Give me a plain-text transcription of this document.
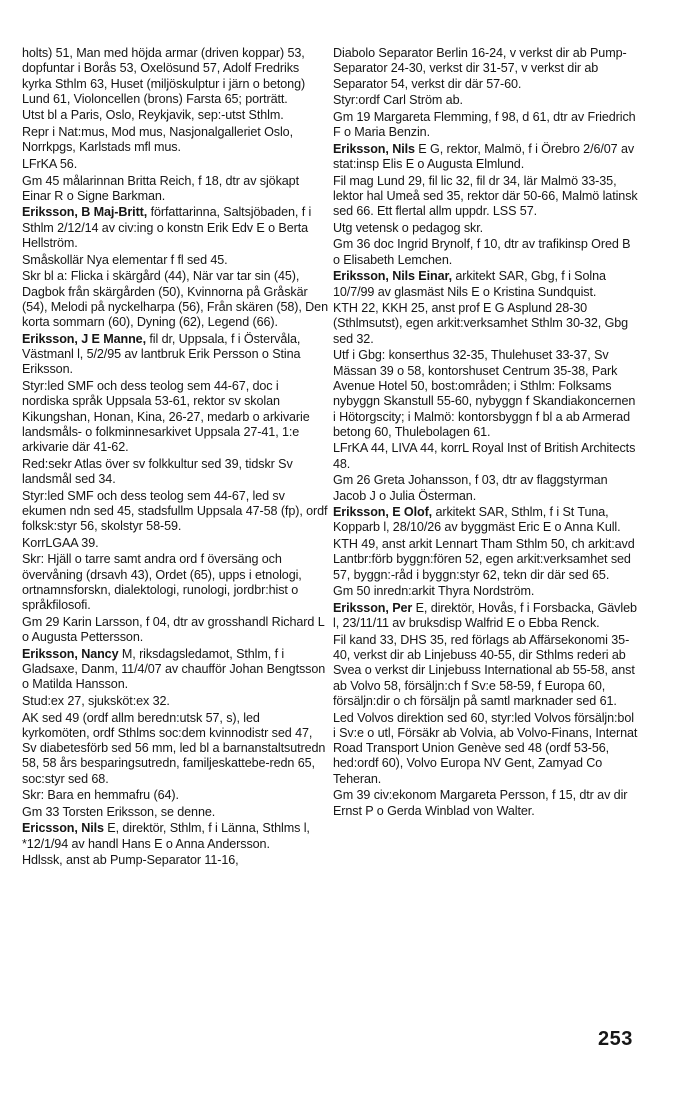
holts) 51, Man med höjda armar (driven koppar) 53, dopfuntar i Borås 53, Oxelösund 57, Adolf Fredriks kyrka Sthlm 63, Huset (miljöskulptur i järn o betong) Lund 61, Violoncellen (brons) Farsta 65; porträtt.
Utst bl a Paris, Oslo, Reykjavik, sep:-utst Sthlm.
Repr i Nat:mus, Mod mus, Nasjonalgalleriet Oslo, Norrkpgs, Karlstads mfl mus.
LFrKA 56.
Gm 45 målarinnan Britta Reich, f 18, dtr av sjökapt Einar R o Signe Barkman.
Eriksson, B Maj-Britt, författarinna, Saltsjöbaden, f i Sthlm 2/12/14 av civ:ing o konstn Erik Edv E o Berta Hellström.
Småskollär Nya elementar f fl sed 45.
Skr bl a: Flicka i skärgård (44), När var tar sin (45), Dagbok från skärgården (50), Kvinnorna på Gråskär (54), Melodi på nyckelharpa (56), Från skären (58), Den korta sommarn (60), Dyning (62), Legend (66).
Eriksson, J E Manne, fil dr, Uppsala, f i Östervåla, Västmanl l, 5/2/95 av lantbruk Erik Persson o Stina Eriksson.
Styr:led SMF och dess teolog sem 44-67, doc i nordiska språk Uppsala 53-61, rektor sv skolan Kikungshan, Honan, Kina, 26-27, medarb o arkivarie landsmåls- o folkminnesarkivet Uppsala 27-41, 1:e arkivarie där 41-62.
Red:sekr Atlas över sv folkkultur sed 39, tidskr Sv landsmål sed 34.
Styr:led SMF och dess teolog sem 44-67, led sv ekumen ndn sed 45, stadsfullm Uppsala 47-58 (fp), ordf folksk:styr 56, skolstyr 58-59.
KorrLGAA 39.
Skr: Hjäll o tarre samt andra ord f översäng och övervåning (drsavh 43), Ordet (65), upps i etnologi, ortnamnsforskn, dialektologi, runologi, jordbr:hist o språkfilosofi.
Gm 29 Karin Larsson, f 04, dtr av grosshandl Richard L o Augusta Pettersson.
Eriksson, Nancy M, riksdagsledamot, Sthlm, f i Gladsaxe, Danm, 11/4/07 av chaufför Johan Bengtsson o Matilda Hansson.
Stud:ex 27, sjuksköt:ex 32.
AK sed 49 (ordf allm beredn:utsk 57, s), led kyrkomöten, ordf Sthlms soc:dem kvinnodistr sed 47, Sv diabetesförb sed 56 mm, led bl a barnanstaltsutredn 58, 58 års besparingsutredn, familjeskattebe-redn 65, soc:styr sed 68.
Skr: Bara en hemmafru (64).
Gm 33 Torsten Eriksson, se denne.
Ericsson, Nils E, direktör, Sthlm, f i Länna, Sthlms l, *12/1/94 av handl Hans E o Anna Andersson.
Hdlssk, anst ab Pump-Separator 11-16,
Diabolo Separator Berlin 16-24, v verkst dir ab Pump-Separator 24-30, verkst dir 31-57, v verkst dir ab Separator 54, verkst dir där 57-60.
Styr:ordf Carl Ström ab.
Gm 19 Margareta Flemming, f 98, d 61, dtr av Friedrich F o Maria Benzin.
Eriksson, Nils E G, rektor, Malmö, f i Örebro 2/6/07 av stat:insp Elis E o Augusta Elmlund.
Fil mag Lund 29, fil lic 32, fil dr 34, lär Malmö 33-35, lektor hal Umeå sed 35, rektor där 50-66, Malmö latinsk sed 66. Ett flertal allm uppdr. LSS 57.
Utg vetensk o pedagog skr.
Gm 36 doc Ingrid Brynolf, f 10, dtr av trafikinsp Ored B o Elisabeth Lemchen.
Eriksson, Nils Einar, arkitekt SAR, Gbg, f i Solna 10/7/99 av glasmäst Nils E o Kristina Sundquist.
KTH 22, KKH 25, anst prof E G Asplund 28-30 (Sthlmsutst), egen arkit:verksamhet Sthlm 30-32, Gbg sed 32.
Utf i Gbg: konserthus 32-35, Thulehuset 33-37, Sv Mässan 39 o 58, kontorshuset Centrum 35-38, Park Avenue Hotel 50, bost:områden; i Sthlm: Folksams nybyggn Skanstull 55-60, nybyggn f Skandiakoncernen i Hötorgscity; i Malmö: kontorsbyggn f bl a ab Armerad betong 60, Thulebolagen 61.
LFrKA 44, LIVA 44, korrL Royal Inst of British Architects 48.
Gm 26 Greta Johansson, f 03, dtr av flaggstyrman Jacob J o Julia Österman.
Eriksson, E Olof, arkitekt SAR, Sthlm, f i St Tuna, Kopparb l, 28/10/26 av byggmäst Eric E o Anna Kull.
KTH 49, anst arkit Lennart Tham Sthlm 50, ch arkit:avd Lantbr:förb byggn:fören 52, egen arkit:verksamhet sed 57, byggn:-råd i byggn:styr 62, tekn dir där sed 65.
Gm 50 inredn:arkit Thyra Nordström.
Eriksson, Per E, direktör, Hovås, f i Forsbacka, Gävleb l, 23/11/11 av bruksdisp Walfrid E o Ebba Renck.
Fil kand 33, DHS 35, red förlags ab Affärsekonomi 35-40, verkst dir ab Linjebuss 40-55, dir Sthlms rederi ab Svea o verkst dir Linjebuss International ab 55-58, anst ab Volvo 58, försäljn:ch f Sv:e 58-59, f Europa 60, försäljn:dir o ch försäljn på samtl marknader sed 61.
Led Volvos direktion sed 60, styr:led Volvos försäljn:bol i Sv:e o utl, Försäkr ab Volvia, ab Volvo-Finans, Internat Road Transport Union Genève sed 48 (ordf 53-56, hed:ordf 60), Volvo Europa NV Gent, Zamyad Co Teheran.
Gm 39 civ:ekonom Margareta Persson, f 15, dtr av dir Ernst P o Gerda Winblad von Walter.
253
